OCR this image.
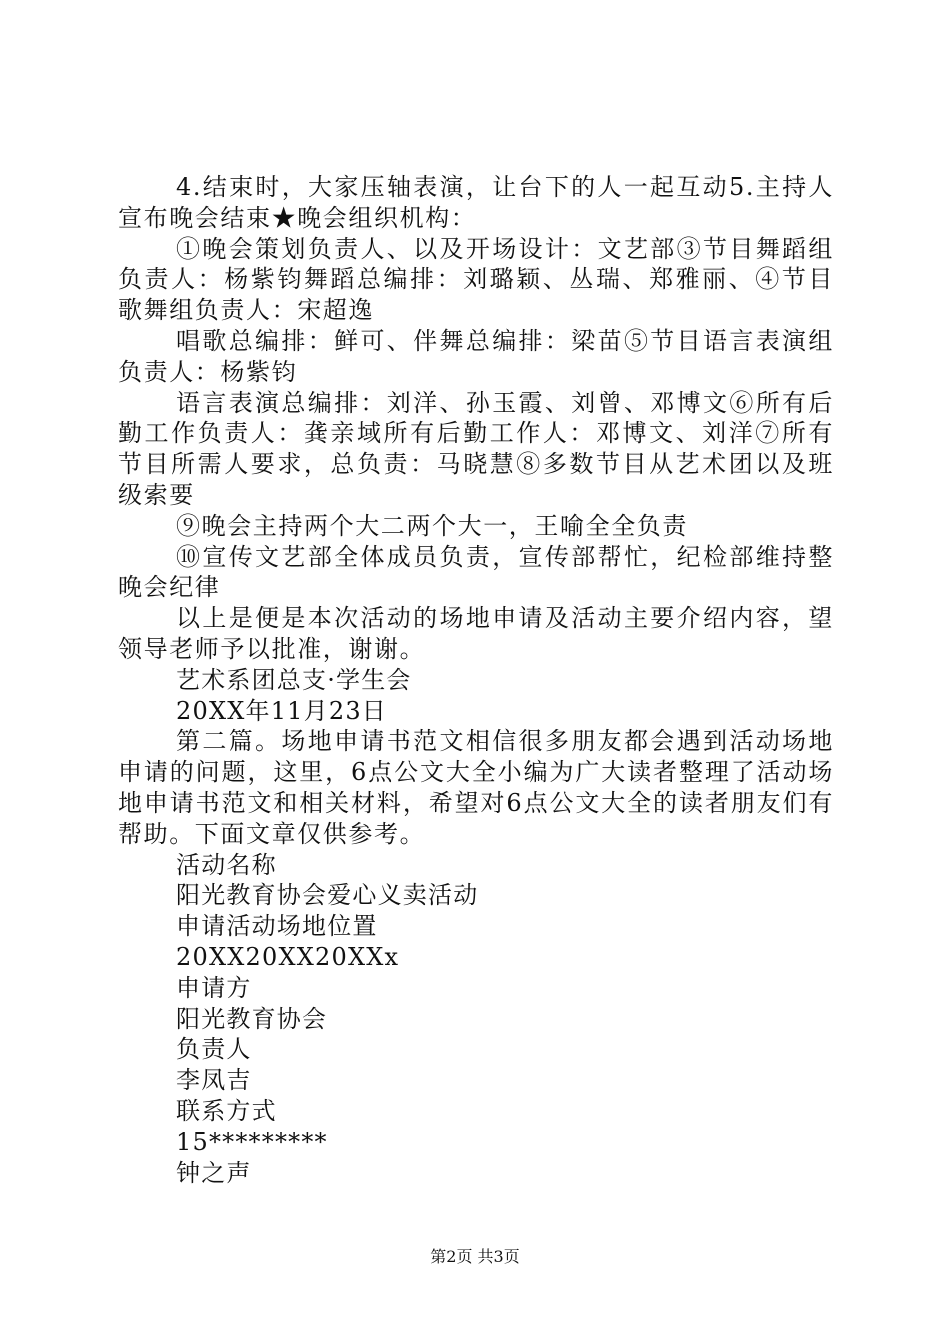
4.结束时，大家压轴表演，让台下的人一起互动5.主持人宣布晚会结束★晚会组织机构：

①晚会策划负责人、以及开场设计：文艺部③节目舞蹈组负责人：杨紫钧舞蹈总编排：刘璐颖、丛瑞、郑雅丽、④节目歌舞组负责人：宋超逸

唱歌总编排：鲜可、伴舞总编排：梁苗⑤节目语言表演组负责人：杨紫钧

语言表演总编排：刘洋、孙玉霞、刘曾、邓博文⑥所有后勤工作负责人：龚亲域所有后勤工作人：邓博文、刘洋⑦所有节目所需人要求，总负责：马晓慧⑧多数节目从艺术团以及班级索要

⑨晚会主持两个大二两个大一，王喻全全负责

⑩宣传文艺部全体成员负责，宣传部帮忙，纪检部维持整晚会纪律

以上是便是本次活动的场地申请及活动主要介绍内容，望领导老师予以批准，谢谢。

艺术系团总支·学生会

20XX年11月23日

第二篇。场地申请书范文相信很多朋友都会遇到活动场地申请的问题，这里，6点公文大全小编为广大读者整理了活动场地申请书范文和相关材料，希望对6点公文大全的读者朋友们有帮助。下面文章仅供参考。

活动名称

阳光教育协会爱心义卖活动

申请活动场地位置

20XX20XX20XXx

申请方

阳光教育协会

负责人

李凤吉

联系方式

15*********

钟之声

第2页 共3页
